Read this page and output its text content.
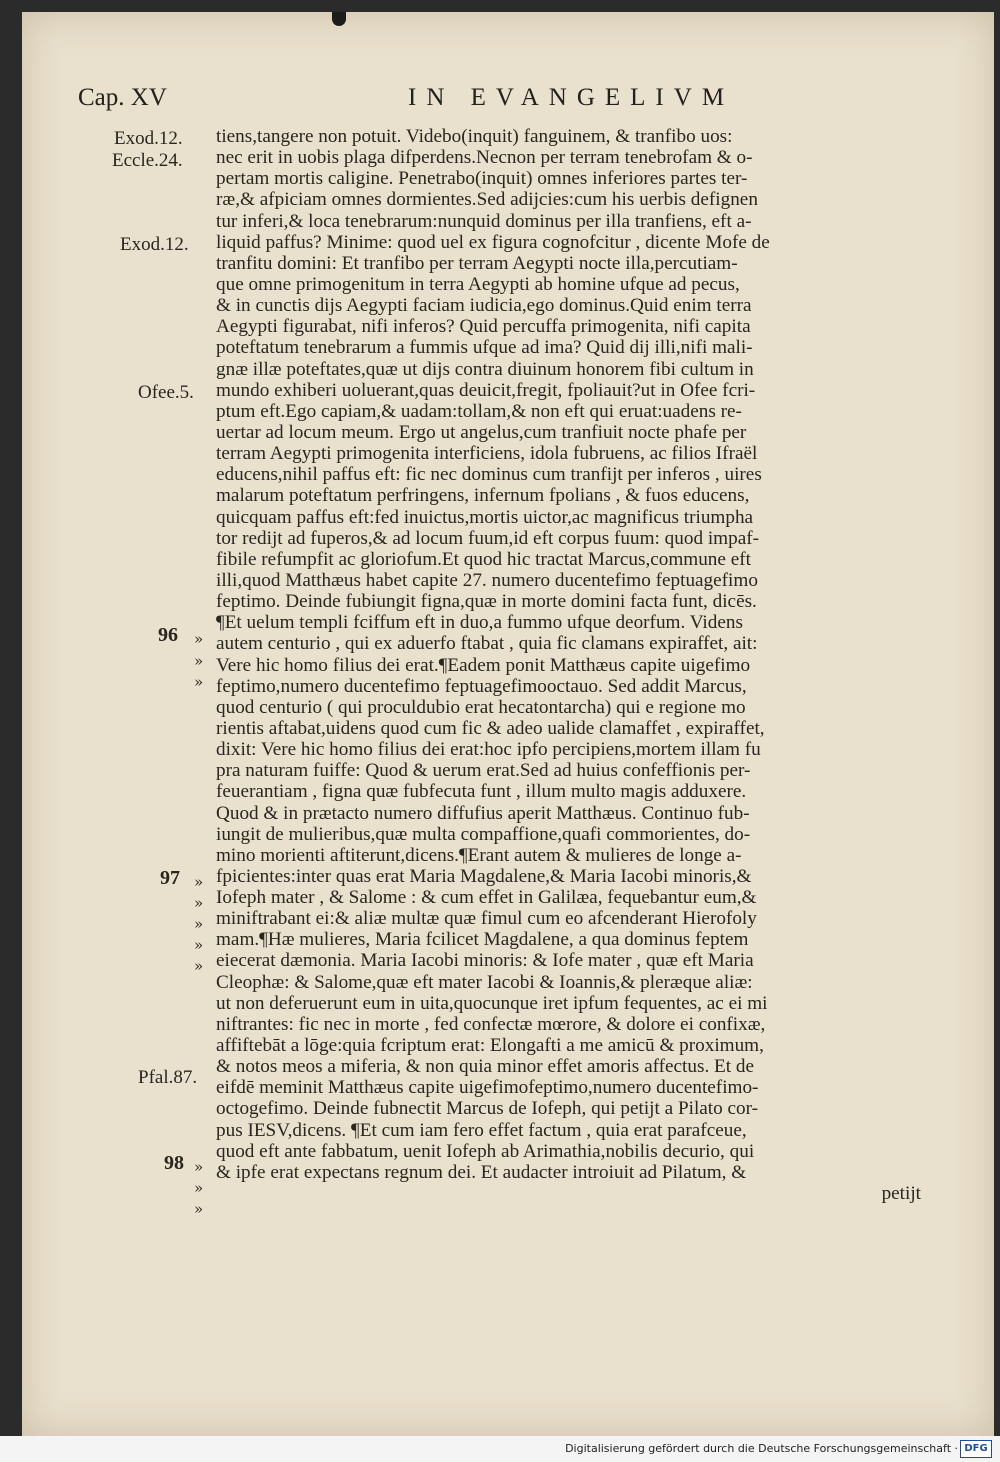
Cap. XV	IN EVANGELIVM
tiens,tangere non potuit. Videbo(inquit) fanguinem, & tranfibo uos:
nec erit in uobis plaga difperdens.Necnon per terram tenebrofam & o-
pertam mortis caligine. Penetrabo(inquit) omnes inferiores partes ter-
ræ,& afpiciam omnes dormientes.Sed adijcies:cum his uerbis defignen
tur inferi,& loca tenebrarum:nunquid dominus per illa tranfiens, eft a-
liquid paffus? Minime: quod uel ex figura cognofcitur , dicente Mofe de
tranfitu domini: Et tranfibo per terram Aegypti nocte illa,percutiam-
que omne primogenitum in terra Aegypti ab homine ufque ad pecus,
& in cunctis dijs Aegypti faciam iudicia,ego dominus.Quid enim terra
Aegypti figurabat, nifi inferos? Quid percuffa primogenita, nifi capita
poteftatum tenebrarum a fummis ufque ad ima? Quid dij illi,nifi mali-
gnæ illæ poteftates,quæ ut dijs contra diuinum honorem fibi cultum in
mundo exhiberi uoluerant,quas deuicit,fregit, fpoliauit?ut in Ofee fcri-
ptum eft.Ego capiam,& uadam:tollam,& non eft qui eruat:uadens re-
uertar ad locum meum. Ergo ut angelus,cum tranfiuit nocte phafe per
terram Aegypti primogenita interficiens, idola fubruens, ac filios Ifraël
educens,nihil paffus eft: fic nec dominus cum tranfijt per inferos , uires
malarum poteftatum perfringens, infernum fpolians , & fuos educens,
quicquam paffus eft:fed inuictus,mortis uictor,ac magnificus triumpha
tor redijt ad fuperos,& ad locum fuum,id eft corpus fuum: quod impaf-
fibile refumpfit ac gloriofum.Et quod hic tractat Marcus,commune eft
illi,quod Matthæus habet capite 27. numero ducentefimo feptuagefimo
feptimo. Deinde fubiungit figna,quæ in morte domini facta funt, dicēs.
¶Et uelum templi fciffum eft in duo,a fummo ufque deorfum. Videns
autem centurio , qui ex aduerfo ftabat , quia fic clamans expiraffet, ait:
Vere hic homo filius dei erat.¶Eadem ponit Matthæus capite uigefimo
feptimo,numero ducentefimo feptuagefimooctauo. Sed addit Marcus,
quod centurio ( qui proculdubio erat hecatontarcha) qui e regione mo
rientis aftabat,uidens quod cum fic & adeo ualide clamaffet , expiraffet,
dixit: Vere hic homo filius dei erat:hoc ipfo percipiens,mortem illam fu
pra naturam fuiffe: Quod & uerum erat.Sed ad huius confeffionis per-
feuerantiam , figna quæ fubfecuta funt , illum multo magis adduxere.
Quod & in prætacto numero diffufius aperit Matthæus. Continuo fub-
iungit de mulieribus,quæ multa compaffione,quafi commorientes, do-
mino morienti aftiterunt,dicens.¶Erant autem & mulieres de longe a-
fpicientes:inter quas erat Maria Magdalene,& Maria Iacobi minoris,&
Iofeph mater , & Salome : & cum effet in Galilæa, fequebantur eum,&
miniftrabant ei:& aliæ multæ quæ fimul cum eo afcenderant Hierofoly
mam.¶Hæ mulieres, Maria fcilicet Magdalene, a qua dominus feptem
eiecerat dæmonia. Maria Iacobi minoris: & Iofe mater , quæ eft Maria
Cleophæ: & Salome,quæ eft mater Iacobi & Ioannis,& pleræque aliæ:
ut non deferuerunt eum in uita,quocunque iret ipfum fequentes, ac ei mi
niftrantes: fic nec in morte , fed confectæ mœrore, & dolore ei confixæ,
affiftebāt a lōge:quia fcriptum erat: Elongafti a me amicū & proximum,
& notos meos a miferia, & non quia minor effet amoris affectus. Et de
eifdē meminit Matthæus capite uigefimofeptimo,numero ducentefimo-
octogefimo. Deinde fubnectit Marcus de Iofeph, qui petijt a Pilato cor-
pus IESV,dicens. ¶Et cum iam fero effet factum , quia erat parafceue,
quod eft ante fabbatum, uenit Iofeph ab Arimathia,nobilis decurio, qui
& ipfe erat expectans regnum dei. Et audacter introiuit ad Pilatum, &
petijt
Exod.12.
Eccle.24.
Exod.12.
Ofee.5.
Pfal.87.
96
97
98
»
»
»
»
»
»
»
»
»
»
»
Digitalisierung gefördert durch die Deutsche Forschungsgemeinschaft · DFG
